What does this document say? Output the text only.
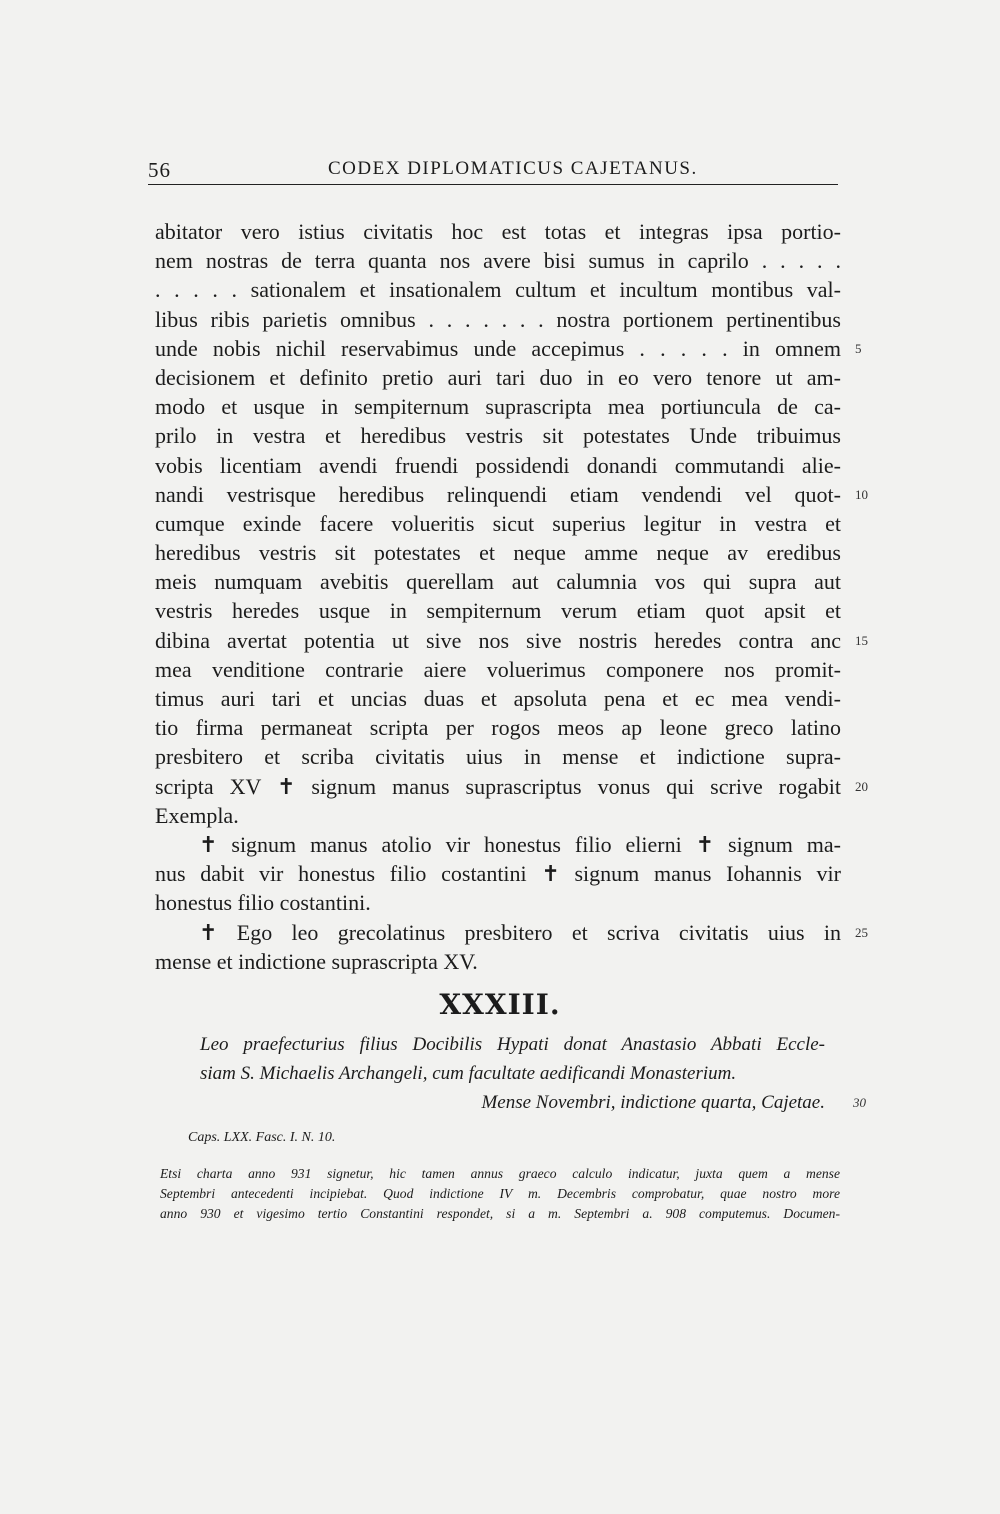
56	CODEX DIPLOMATICUS CAJETANUS.
abitator vero istius civitatis hoc est totas et integras ipsa portio-
nem nostras de terra quanta nos avere bisi sumus in caprilo . . . . .
. . . . . sationalem et insationalem cultum et incultum montibus val-
libus ribis parietis omnibus . . . . . . . nostra portionem pertinentibus
unde nobis nichil reservabimus unde accepimus . . . . . in omnem 5
decisionem et definito pretio auri tari duo in eo vero tenore ut am-
modo et usque in sempiternum suprascripta mea portiuncula de ca-
prilo in vestra et heredibus vestris sit potestates Unde tribuimus
vobis licentiam avendi fruendi possidendi donandi commutandi alie-
nandi vestrisque heredibus relinquendi etiam vendendi vel quot- 10
cumque exinde facere volueritis sicut superius legitur in vestra et
heredibus vestris sit potestates et neque amme neque av eredibus
meis numquam avebitis querellam aut calumnia vos qui supra aut
vestris heredes usque in sempiternum verum etiam quot apsit et
dibina avertat potentia ut sive nos sive nostris heredes contra anc 15
mea venditione contrarie aiere voluerimus componere nos promit-
timus auri tari et uncias duas et apsoluta pena et ec mea vendi-
tio firma permaneat scripta per rogos meos ap leone greco latino
presbitero et scriba civitatis uius in mense et indictione supra-
scripta XV ✝ signum manus suprascriptus vonus qui scrive rogabit 20
Exempla.
✝ signum manus atolio vir honestus filio elierni ✝ signum ma-
nus dabit vir honestus filio costantini ✝ signum manus Iohannis vir
honestus filio costantini.
✝ Ego leo grecolatinus presbitero et scriva civitatis uius in 25
mense et indictione suprascripta XV.
XXXIII.
Leo praefecturius filius Docibilis Hypati donat Anastasio Abbati Eccle-
siam S. Michaelis Archangeli, cum facultate aedificandi Monasterium.
Mense Novembri, indictione quarta, Cajetae. 30
Caps. LXX. Fasc. I. N. 10.
Etsi charta anno 931 signetur, hic tamen annus graeco calculo indicatur, juxta quem a mense
Septembri antecedenti incipiebat. Quod indictione IV m. Decembris comprobatur, quae nostro more
anno 930 et vigesimo tertio Constantini respondet, si a m. Septembri a. 908 computemus. Documen-
